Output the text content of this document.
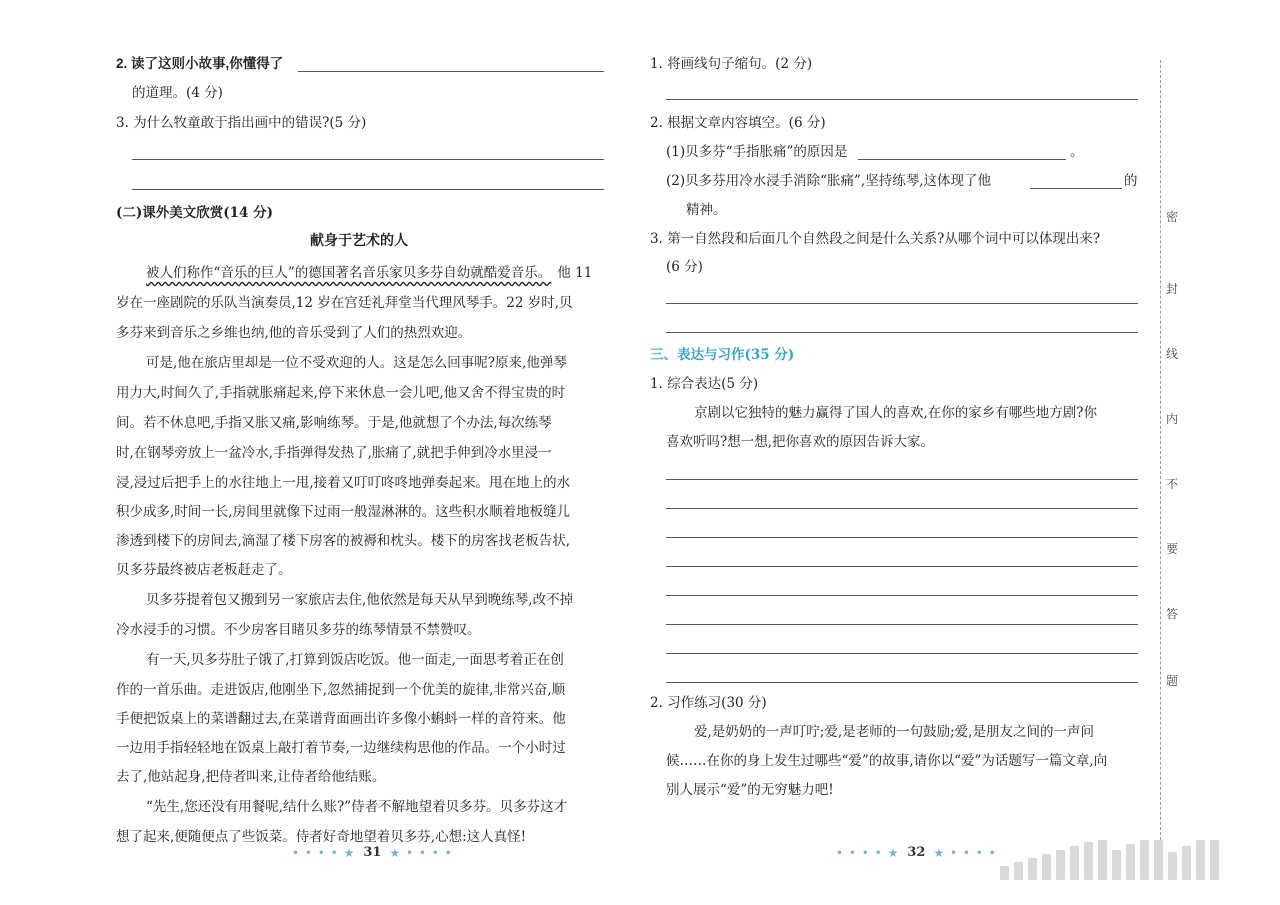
2. 读了这则小故事,你懂得了
的道理。(4 分)
3. 为什么牧童敢于指出画中的错误?(5 分)
(二)课外美文欣赏(14 分)
献身于艺术的人
被人们称作“音乐的巨人”的德国著名音乐家贝多芬自幼就酷爱音乐。 他 11
岁在一座剧院的乐队当演奏员,12 岁在宫廷礼拜堂当代理风琴手。22 岁时,贝
多芬来到音乐之乡维也纳,他的音乐受到了人们的热烈欢迎。
可是,他在旅店里却是一位不受欢迎的人。这是怎么回事呢?原来,他弹琴
用力大,时间久了,手指就胀痛起来,停下来休息一会儿吧,他又舍不得宝贵的时
间。若不休息吧,手指又胀又痛,影响练琴。于是,他就想了个办法,每次练琴
时,在钢琴旁放上一盆冷水,手指弹得发热了,胀痛了,就把手伸到冷水里浸一
浸,浸过后把手上的水往地上一甩,接着又叮叮咚咚地弹奏起来。甩在地上的水
积少成多,时间一长,房间里就像下过雨一般湿淋淋的。这些积水顺着地板缝儿
渗透到楼下的房间去,滴湿了楼下房客的被褥和枕头。楼下的房客找老板告状,
贝多芬最终被店老板赶走了。
贝多芬提着包又搬到另一家旅店去住,他依然是每天从早到晚练琴,改不掉
冷水浸手的习惯。不少房客目睹贝多芬的练琴情景不禁赞叹。
有一天,贝多芬肚子饿了,打算到饭店吃饭。他一面走,一面思考着正在创
作的一首乐曲。走进饭店,他刚坐下,忽然捕捉到一个优美的旋律,非常兴奋,顺
手便把饭桌上的菜谱翻过去,在菜谱背面画出许多像小蝌蚪一样的音符来。他
一边用手指轻轻地在饭桌上敲打着节奏,一边继续构思他的作品。一个小时过
去了,他站起身,把侍者叫来,让侍者给他结账。
“先生,您还没有用餐呢,结什么账?”侍者不解地望着贝多芬。贝多芬这才
想了起来,便随便点了些饭菜。侍者好奇地望着贝多芬,心想:这人真怪!
• • • • ★ 31 ★ • • • •
1. 将画线句子缩句。(2 分)
2. 根据文章内容填空。(6 分)
(1)贝多芬“手指胀痛”的原因是	。
(2)贝多芬用冷水浸手消除“胀痛”,坚持练琴,这体现了他	的
精神。
3. 第一自然段和后面几个自然段之间是什么关系?从哪个词中可以体现出来?
(6 分)
三、表达与习作(35 分)
1. 综合表达(5 分)
京剧以它独特的魅力赢得了国人的喜欢,在你的家乡有哪些地方剧?你
喜欢听吗?想一想,把你喜欢的原因告诉大家。
2. 习作练习(30 分)
爱,是奶奶的一声叮咛;爱,是老师的一句鼓励;爱,是朋友之间的一声问
候……在你的身上发生过哪些“爱”的故事,请你以“爱”为话题写一篇文章,向
别人展示“爱”的无穷魅力吧!
• • • • ★ 32 ★ • • • •
密
封
线
内
不
要
答
题
